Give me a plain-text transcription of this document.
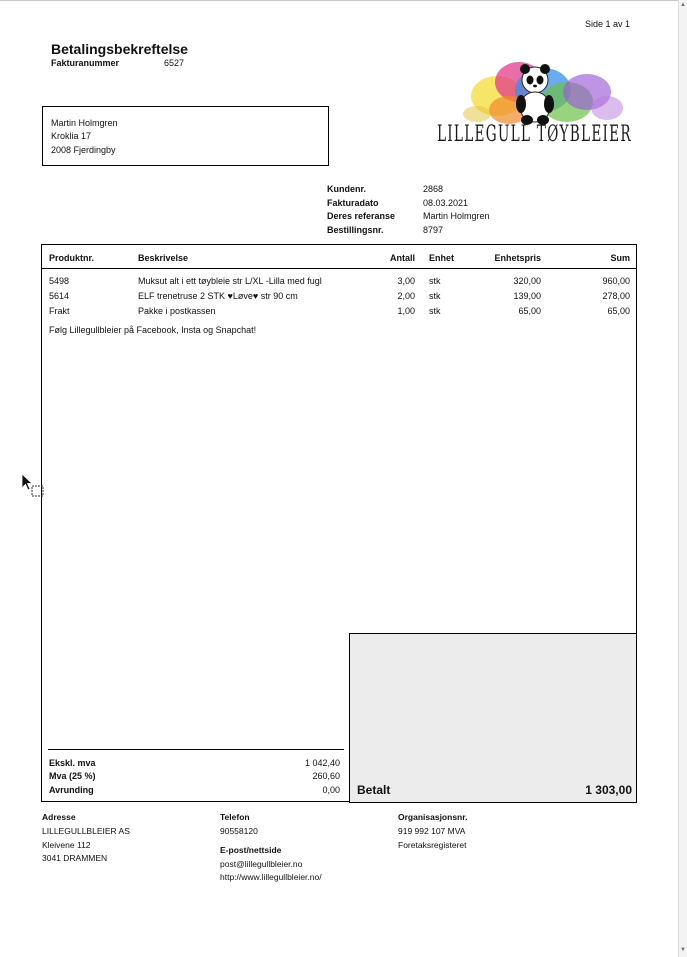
▲
▼
Side 1 av 1
Betalingsbekreftelse
Fakturanummer	6527
Martin Holmgren
Kroklia 17
2008 Fjerdingby
LILLEGULL TØYBLEIER
Kundenr.	2868
Fakturadato	08.03.2021
Deres referanse	Martin Holmgren
Bestillingsnr.	8797
Produktnr.	Beskrivelse	Antall Enhet	Enhetspris	Sum
5498	Muksut alt i ett tøybleie str L/XL -Lilla med fugl	3,00 stk	320,00	960,00
5614	ELF trenetruse 2 STK ♥Løve♥ str 90 cm	2,00 stk	139,00	278,00
Frakt	Pakke i postkassen	1,00 stk	65,00	65,00
Følg Lillegullbleier på Facebook, Insta og Snapchat!
Betalt	1 303,00
Ekskl. mva	1 042,40
Mva (25 %)	260,60
Avrunding	0,00
Adresse
LILLEGULLBLEIER AS
Kleivene 112
3041 DRAMMEN
Telefon
90558120
E-post/nettside
post@lillegullbleier.no
http://www.lillegullbleier.no/
Organisasjonsnr.
919 992 107 MVA
Foretaksregisteret
